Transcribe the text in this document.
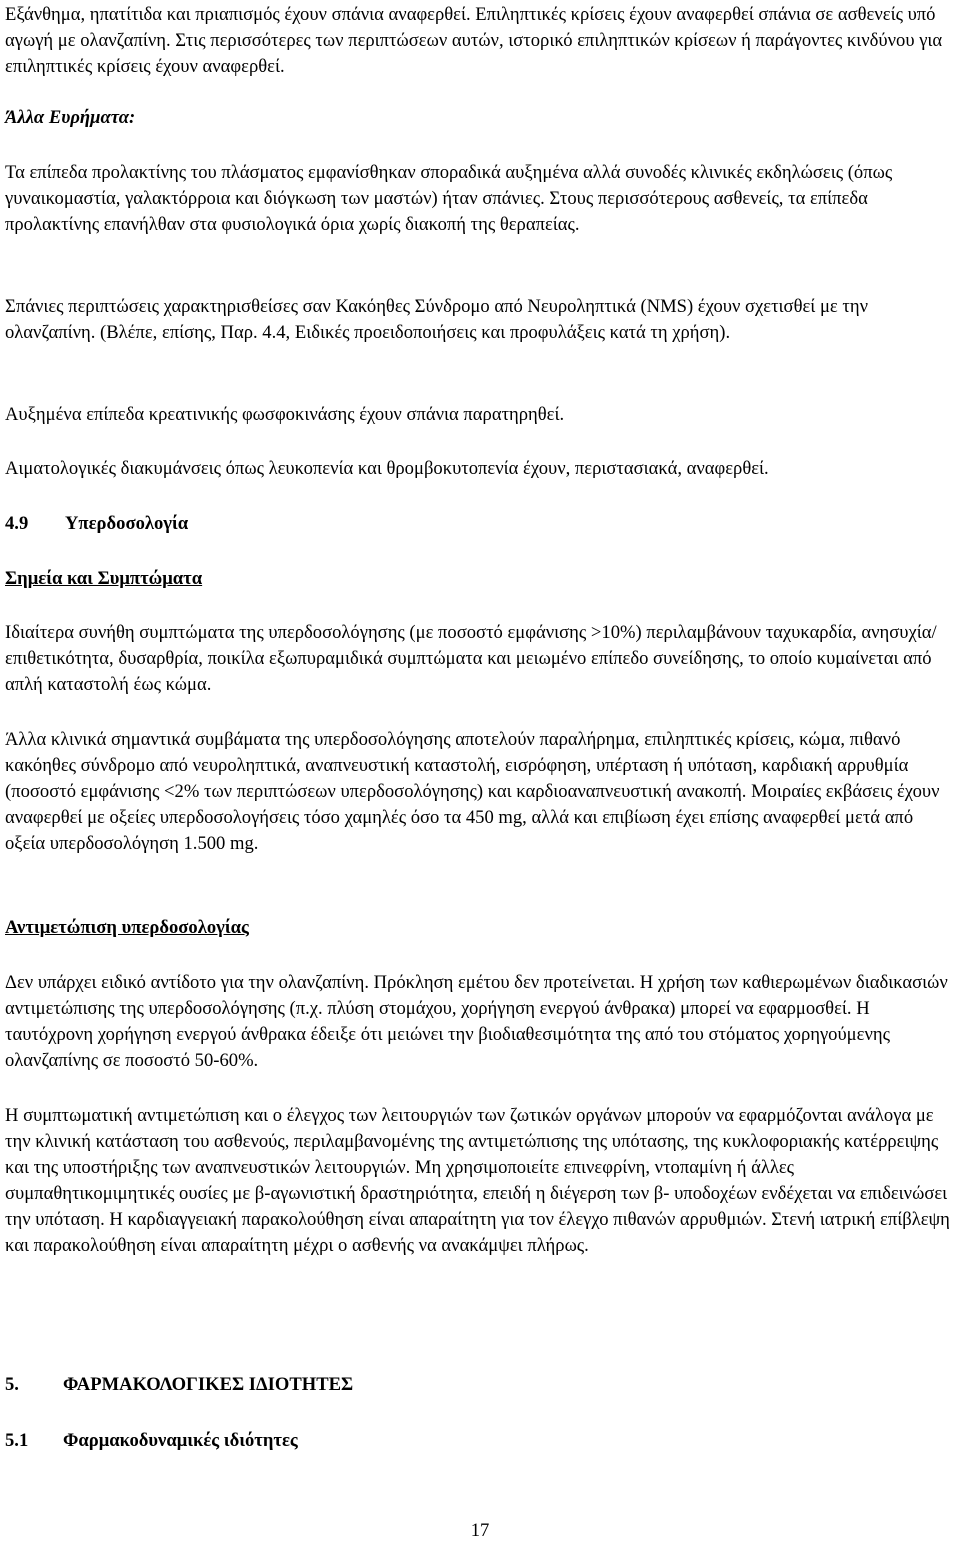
Εξάνθημα, ηπατίτιδα και πριαπισμός έχουν σπάνια αναφερθεί. Επιληπτικές κρίσεις έχουν αναφερθεί σπάνια σε ασθενείς υπό αγωγή με ολανζαπίνη. Στις περισσότερες των περιπτώσεων αυτών, ιστορικό επιληπτικών κρίσεων ή παράγοντες κινδύνου για επιληπτικές κρίσεις έχουν αναφερθεί.

Άλλα Ευρήματα:

Τα επίπεδα προλακτίνης του πλάσματος εμφανίσθηκαν σποραδικά αυξημένα αλλά συνοδές κλινικές εκδηλώσεις (όπως γυναικομαστία, γαλακτόρροια και διόγκωση των μαστών) ήταν σπάνιες. Στους περισσότερους ασθενείς, τα επίπεδα προλακτίνης επανήλθαν στα φυσιολογικά όρια χωρίς διακοπή της θεραπείας.

Σπάνιες περιπτώσεις χαρακτηρισθείσες σαν Κακόηθες Σύνδρομο από Νευροληπτικά (NMS) έχουν σχετισθεί με την ολανζαπίνη. (Βλέπε, επίσης, Παρ. 4.4, Ειδικές προειδοποιήσεις και προφυλάξεις κατά τη χρήση).

Αυξημένα επίπεδα κρεατινικής φωσφοκινάσης έχουν σπάνια παρατηρηθεί.

Αιματολογικές διακυμάνσεις όπως λευκοπενία και θρομβοκυτοπενία έχουν, περιστασιακά, αναφερθεί.

4.9 Υπερδοσολογία
Σημεία και Συμπτώματα

Ιδιαίτερα συνήθη συμπτώματα της υπερδοσολόγησης (με ποσοστό εμφάνισης >10%) περιλαμβάνουν ταχυκαρδία, ανησυχία/ επιθετικότητα, δυσαρθρία, ποικίλα εξωπυραμιδικά συμπτώματα και μειωμένο επίπεδο συνείδησης, το οποίο κυμαίνεται από απλή καταστολή έως κώμα.

Άλλα κλινικά σημαντικά συμβάματα της υπερδοσολόγησης αποτελούν παραλήρημα, επιληπτικές κρίσεις, κώμα, πιθανό κακόηθες σύνδρομο από νευροληπτικά, αναπνευστική καταστολή, εισρόφηση, υπέρταση ή υπόταση, καρδιακή αρρυθμία (ποσοστό εμφάνισης <2% των περιπτώσεων υπερδοσολόγησης) και καρδιοαναπνευστική ανακοπή. Μοιραίες εκβάσεις έχουν αναφερθεί με οξείες υπερδοσολογήσεις τόσο χαμηλές όσο τα 450 mg, αλλά και επιβίωση έχει επίσης αναφερθεί μετά από οξεία υπερδοσολόγηση 1.500 mg.

Αντιμετώπιση υπερδοσολογίας

Δεν υπάρχει ειδικό αντίδοτο για την ολανζαπίνη. Πρόκληση εμέτου δεν προτείνεται. Η χρήση των καθιερωμένων διαδικασιών αντιμετώπισης της υπερδοσολόγησης (π.χ. πλύση στομάχου, χορήγηση ενεργού άνθρακα) μπορεί να εφαρμοσθεί. Η ταυτόχρονη χορήγηση ενεργού άνθρακα έδειξε ότι μειώνει την βιοδιαθεσιμότητα της από του στόματος χορηγούμενης ολανζαπίνης σε ποσοστό 50-60%.

Η συμπτωματική αντιμετώπιση και ο έλεγχος των λειτουργιών των ζωτικών οργάνων μπορούν να εφαρμόζονται ανάλογα με την κλινική κατάσταση του ασθενούς, περιλαμβανομένης της αντιμετώπισης της υπότασης, της κυκλοφοριακής κατέρρειψης και της υποστήριξης των αναπνευστικών λειτουργιών. Μη χρησιμοποιείτε επινεφρίνη, ντοπαμίνη ή άλλες συμπαθητικομιμητικές ουσίες με β-αγωνιστική δραστηριότητα, επειδή η διέγερση των β- υποδοχέων ενδέχεται να επιδεινώσει την υπόταση. Η καρδιαγγειακή παρακολούθηση είναι απαραίτητη για τον έλεγχο πιθανών αρρυθμιών. Στενή ιατρική επίβλεψη και παρακολούθηση είναι απαραίτητη μέχρι ο ασθενής να ανακάμψει πλήρως.

5. ΦΑΡΜΑΚΟΛΟΓΙΚΕΣ ΙΔΙΟΤΗΤΕΣ
5.1 Φαρμακοδυναμικές ιδιότητες
17
